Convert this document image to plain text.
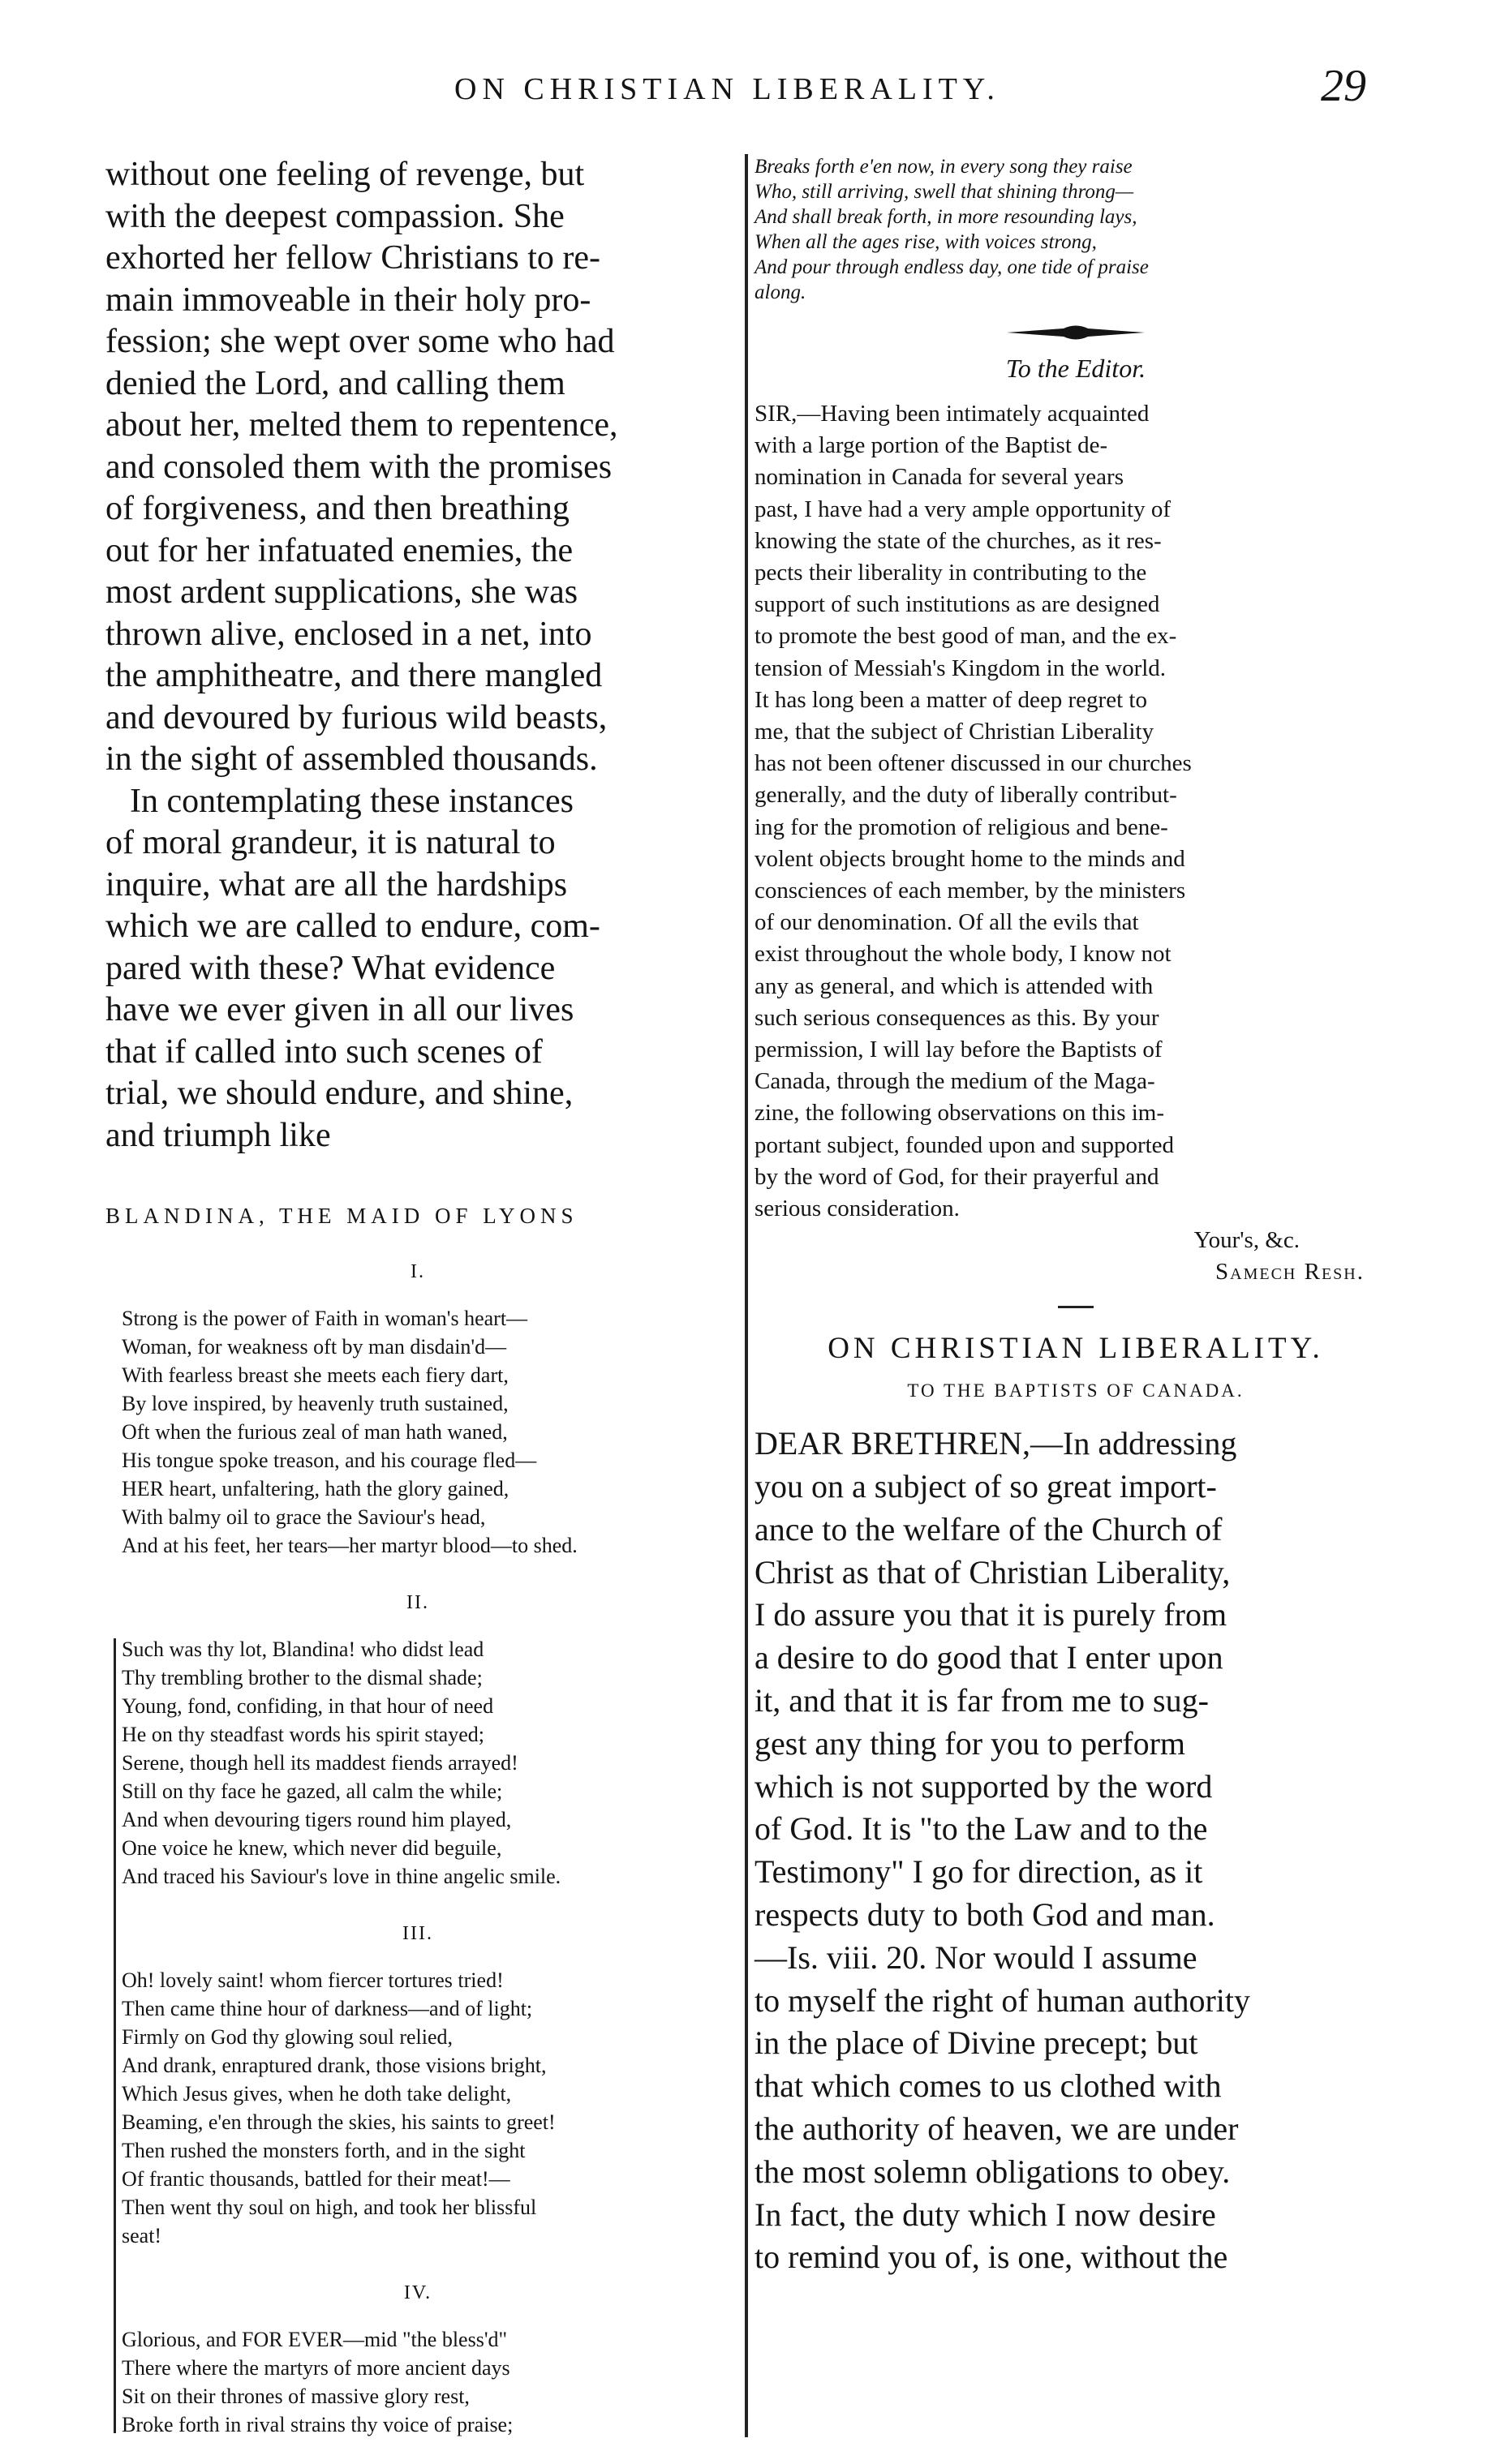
ON CHRISTIAN LIBERALITY.	29

without one feeling of revenge, but
with the deepest compassion. She
exhorted her fellow Christians to re-
main immoveable in their holy pro-
fession; she wept over some who had
denied the Lord, and calling them
about her, melted them to repentence,
and consoled them with the promises
of forgiveness, and then breathing
out for her infatuated enemies, the
most ardent supplications, she was
thrown alive, enclosed in a net, into
the amphitheatre, and there mangled
and devoured by furious wild beasts,
in the sight of assembled thousands.

In contemplating these instances
of moral grandeur, it is natural to
inquire, what are all the hardships
which we are called to endure, com-
pared with these? What evidence
have we ever given in all our lives
that if called into such scenes of
trial, we should endure, and shine,
and triumph like

BLANDINA, THE MAID OF LYONS
I.
Strong is the power of Faith in woman's heart—
Woman, for weakness oft by man disdain'd—
With fearless breast she meets each fiery dart,
By love inspired, by heavenly truth sustained,
Oft when the furious zeal of man hath waned,
His tongue spoke treason, and his courage fled—
HER heart, unfaltering, hath the glory gained,
With balmy oil to grace the Saviour's head,
And at his feet, her tears—her martyr blood—to shed.
II.
Such was thy lot, Blandina! who didst lead
Thy trembling brother to the dismal shade;
Young, fond, confiding, in that hour of need
He on thy steadfast words his spirit stayed;
Serene, though hell its maddest fiends arrayed!
Still on thy face he gazed, all calm the while;
And when devouring tigers round him played,
One voice he knew, which never did beguile,
And traced his Saviour's love in thine angelic smile.
III.
Oh! lovely saint! whom fiercer tortures tried!
Then came thine hour of darkness—and of light;
Firmly on God thy glowing soul relied,
And drank, enraptured drank, those visions bright,
Which Jesus gives, when he doth take delight,
Beaming, e'en through the skies, his saints to greet!
Then rushed the monsters forth, and in the sight
Of frantic thousands, battled for their meat!—
Then went thy soul on high, and took her blissful
seat!
IV.
Glorious, and FOR EVER—mid "the bless'd"
There where the martyrs of more ancient days
Sit on their thrones of massive glory rest,
Broke forth in rival strains thy voice of praise;
Breaks forth e'en now, in every song they raise
Who, still arriving, swell that shining throng—
And shall break forth, in more resounding lays,
When all the ages rise, with voices strong,
And pour through endless day, one tide of praise
along.
To the Editor.

SIR,—Having been intimately acquainted
with a large portion of the Baptist de-
nomination in Canada for several years
past, I have had a very ample opportunity of
knowing the state of the churches, as it res-
pects their liberality in contributing to the
support of such institutions as are designed
to promote the best good of man, and the ex-
tension of Messiah's Kingdom in the world.
It has long been a matter of deep regret to
me, that the subject of Christian Liberality
has not been oftener discussed in our churches
generally, and the duty of liberally contribut-
ing for the promotion of religious and bene-
volent objects brought home to the minds and
consciences of each member, by the ministers
of our denomination. Of all the evils that
exist throughout the whole body, I know not
any as general, and which is attended with
such serious consequences as this. By your
permission, I will lay before the Baptists of
Canada, through the medium of the Maga-
zine, the following observations on this im-
portant subject, founded upon and supported
by the word of God, for their prayerful and
serious consideration.

Your's, &c.
Samech Resh.
ON CHRISTIAN LIBERALITY.
TO THE BAPTISTS OF CANADA.

DEAR BRETHREN,—In addressing
you on a subject of so great import-
ance to the welfare of the Church of
Christ as that of Christian Liberality,
I do assure you that it is purely from
a desire to do good that I enter upon
it, and that it is far from me to sug-
gest any thing for you to perform
which is not supported by the word
of God. It is "to the Law and to the
Testimony" I go for direction, as it
respects duty to both God and man.
—Is. viii. 20. Nor would I assume
to myself the right of human authority
in the place of Divine precept; but
that which comes to us clothed with
the authority of heaven, we are under
the most solemn obligations to obey.
In fact, the duty which I now desire
to remind you of, is one, without the
